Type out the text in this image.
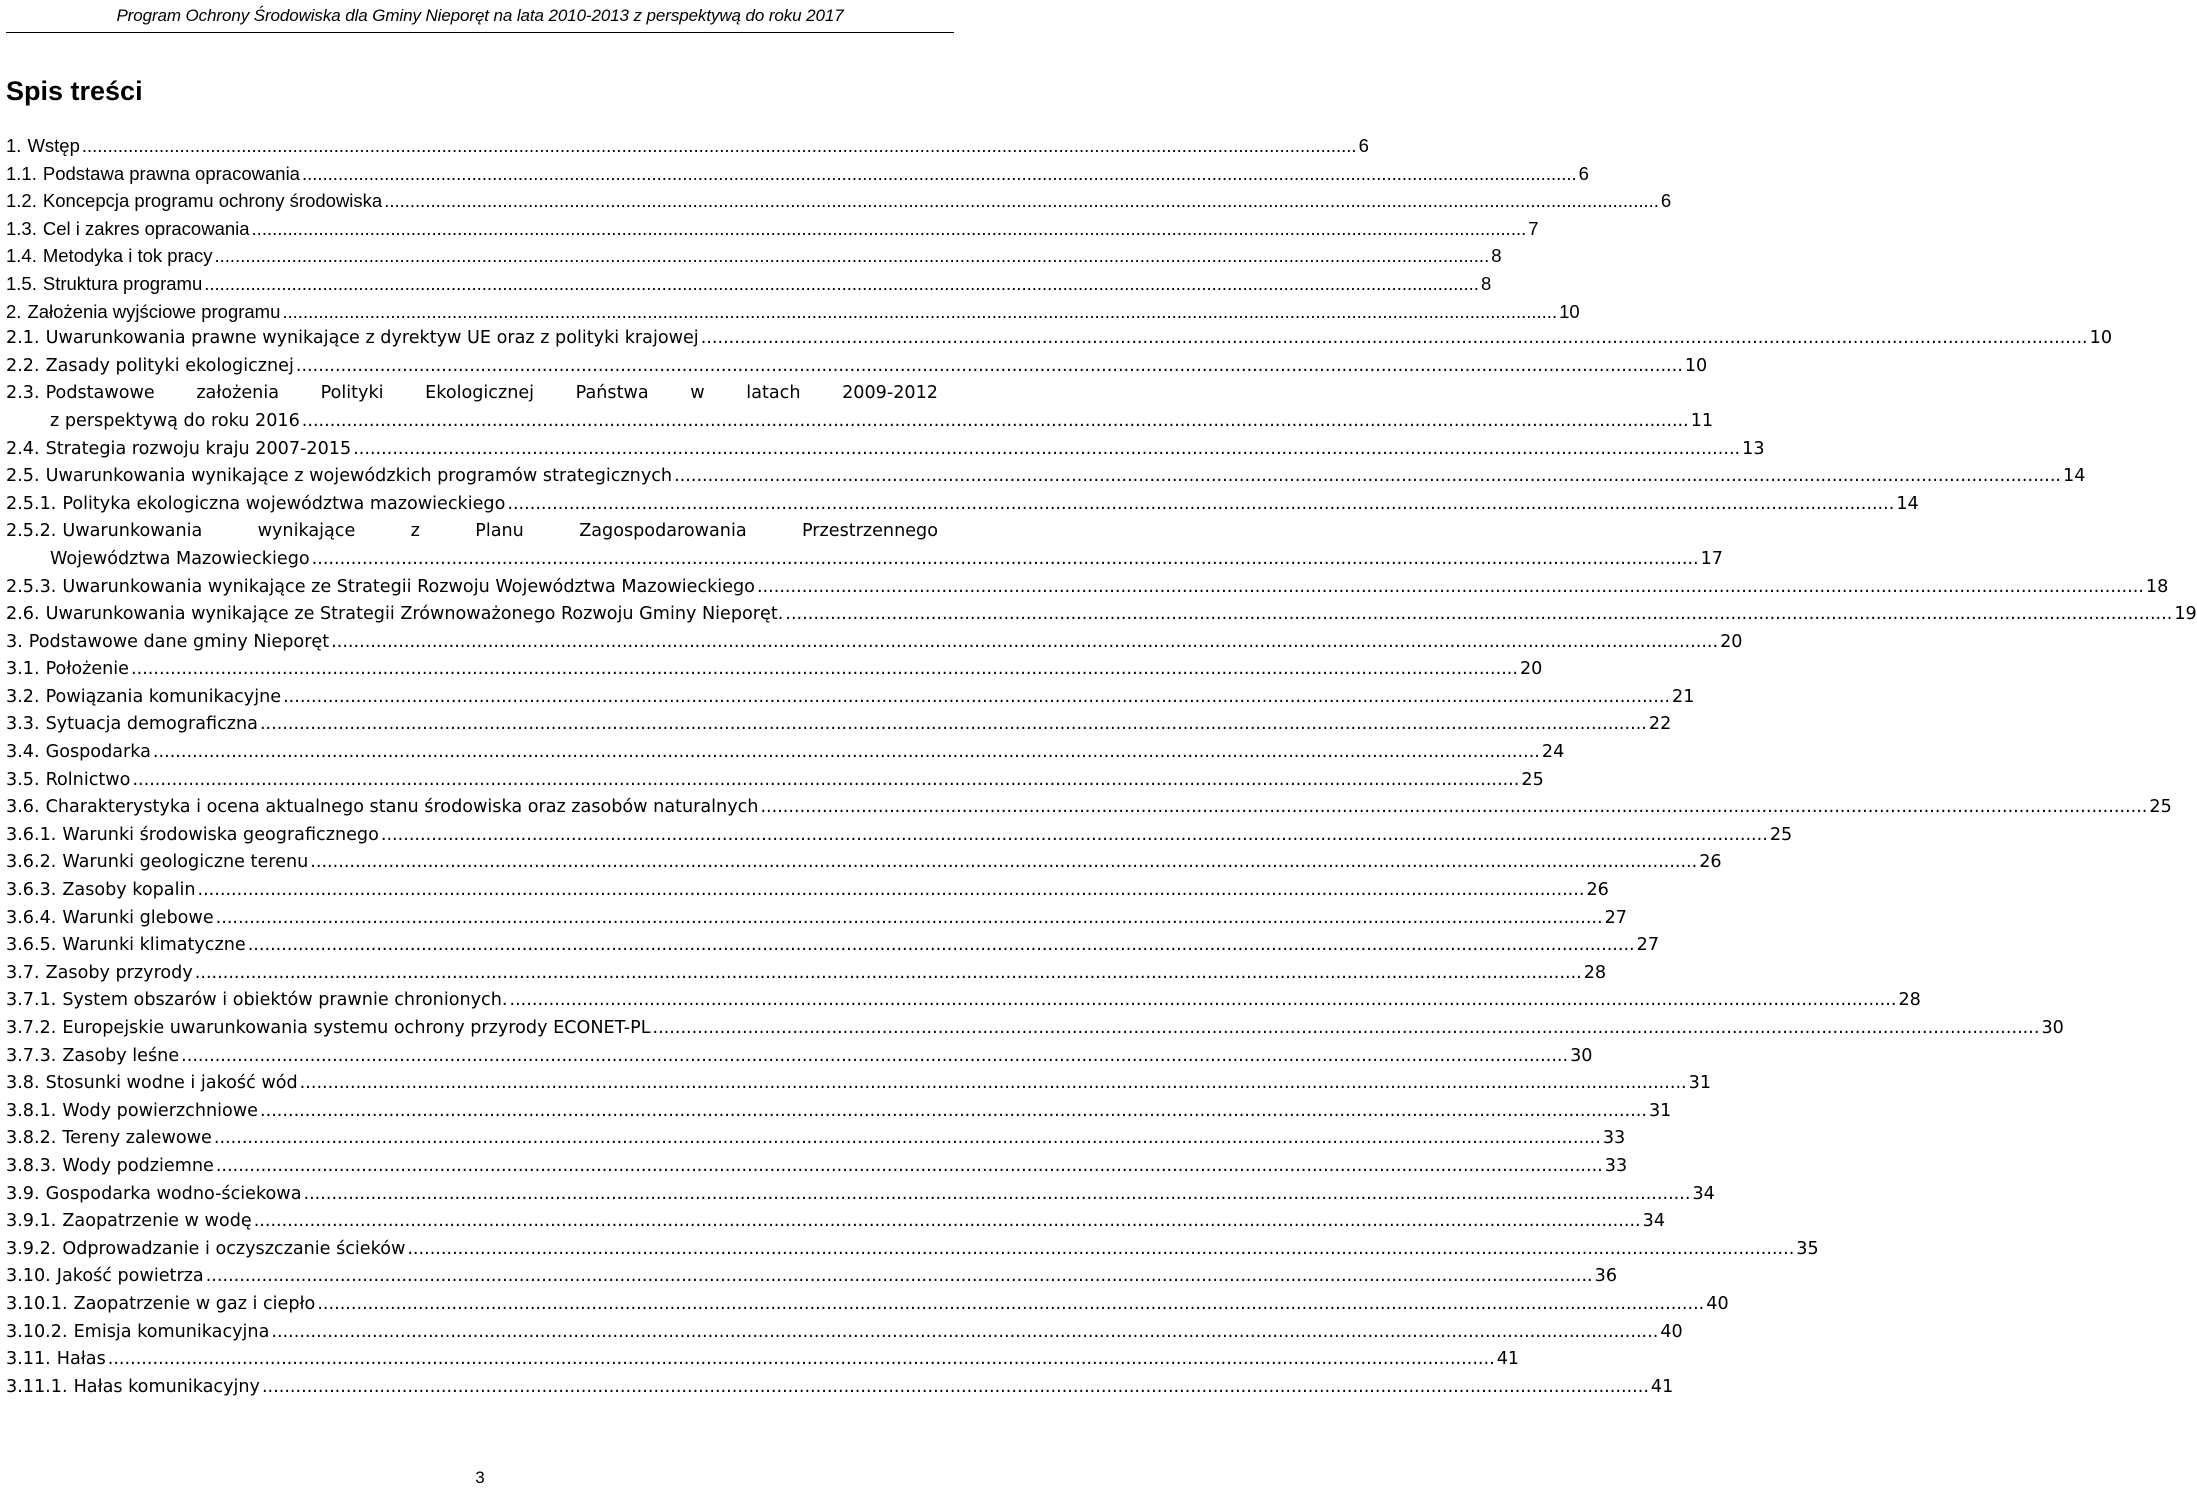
Program Ochrony Środowiska dla Gminy Nieporęt na lata 2010-2013 z perspektywą do roku 2017
Spis treści
1. Wstęp .....	6
1.1. Podstawa prawna opracowania .....	6
1.2. Koncepcja programu ochrony środowiska .....	6
1.3. Cel i zakres opracowania .....	7
1.4. Metodyka i tok pracy .....	8
1.5. Struktura programu .....	8
2. Założenia wyjściowe programu .....	10
2.1. Uwarunkowania prawne wynikające z dyrektyw UE oraz z polityki krajowej .....	10
2.2. Zasady polityki ekologicznej .....	10
2.3. Podstawowe założenia Polityki Ekologicznej Państwa w latach 2009-2012
z perspektywą do roku 2016 .....	11
2.4. Strategia rozwoju kraju 2007-2015 .....	13
2.5. Uwarunkowania wynikające z wojewódzkich programów strategicznych .....	14
2.5.1. Polityka ekologiczna województwa mazowieckiego .....	14
2.5.2. Uwarunkowania wynikające z Planu Zagospodarowania Przestrzennego
Województwa Mazowieckiego .....	17
2.5.3. Uwarunkowania wynikające ze Strategii Rozwoju Województwa Mazowieckiego .....	18
2.6. Uwarunkowania wynikające ze Strategii Zrównoważonego Rozwoju Gminy Nieporęt. .....	19
3. Podstawowe dane gminy Nieporęt .....	20
3.1. Położenie .....	20
3.2. Powiązania komunikacyjne .....	21
3.3. Sytuacja demograficzna .....	22
3.4. Gospodarka .....	24
3.5. Rolnictwo .....	25
3.6. Charakterystyka i ocena aktualnego stanu środowiska oraz zasobów naturalnych .....	25
3.6.1. Warunki środowiska geograficznego .....	25
3.6.2. Warunki geologiczne terenu .....	26
3.6.3. Zasoby kopalin .....	26
3.6.4. Warunki glebowe .....	27
3.6.5. Warunki klimatyczne .....	27
3.7. Zasoby przyrody .....	28
3.7.1. System obszarów i obiektów prawnie chronionych. .....	28
3.7.2. Europejskie uwarunkowania systemu ochrony przyrody ECONET-PL .....	30
3.7.3. Zasoby leśne .....	30
3.8. Stosunki wodne i jakość wód .....	31
3.8.1. Wody powierzchniowe .....	31
3.8.2. Tereny zalewowe .....	33
3.8.3. Wody podziemne .....	33
3.9. Gospodarka wodno-ściekowa .....	34
3.9.1. Zaopatrzenie w wodę .....	34
3.9.2. Odprowadzanie i oczyszczanie ścieków .....	35
3.10. Jakość powietrza .....	36
3.10.1. Zaopatrzenie w gaz i ciepło .....	40
3.10.2. Emisja komunikacyjna .....	40
3.11. Hałas .....	41
3.11.1. Hałas komunikacyjny .....	41
3
